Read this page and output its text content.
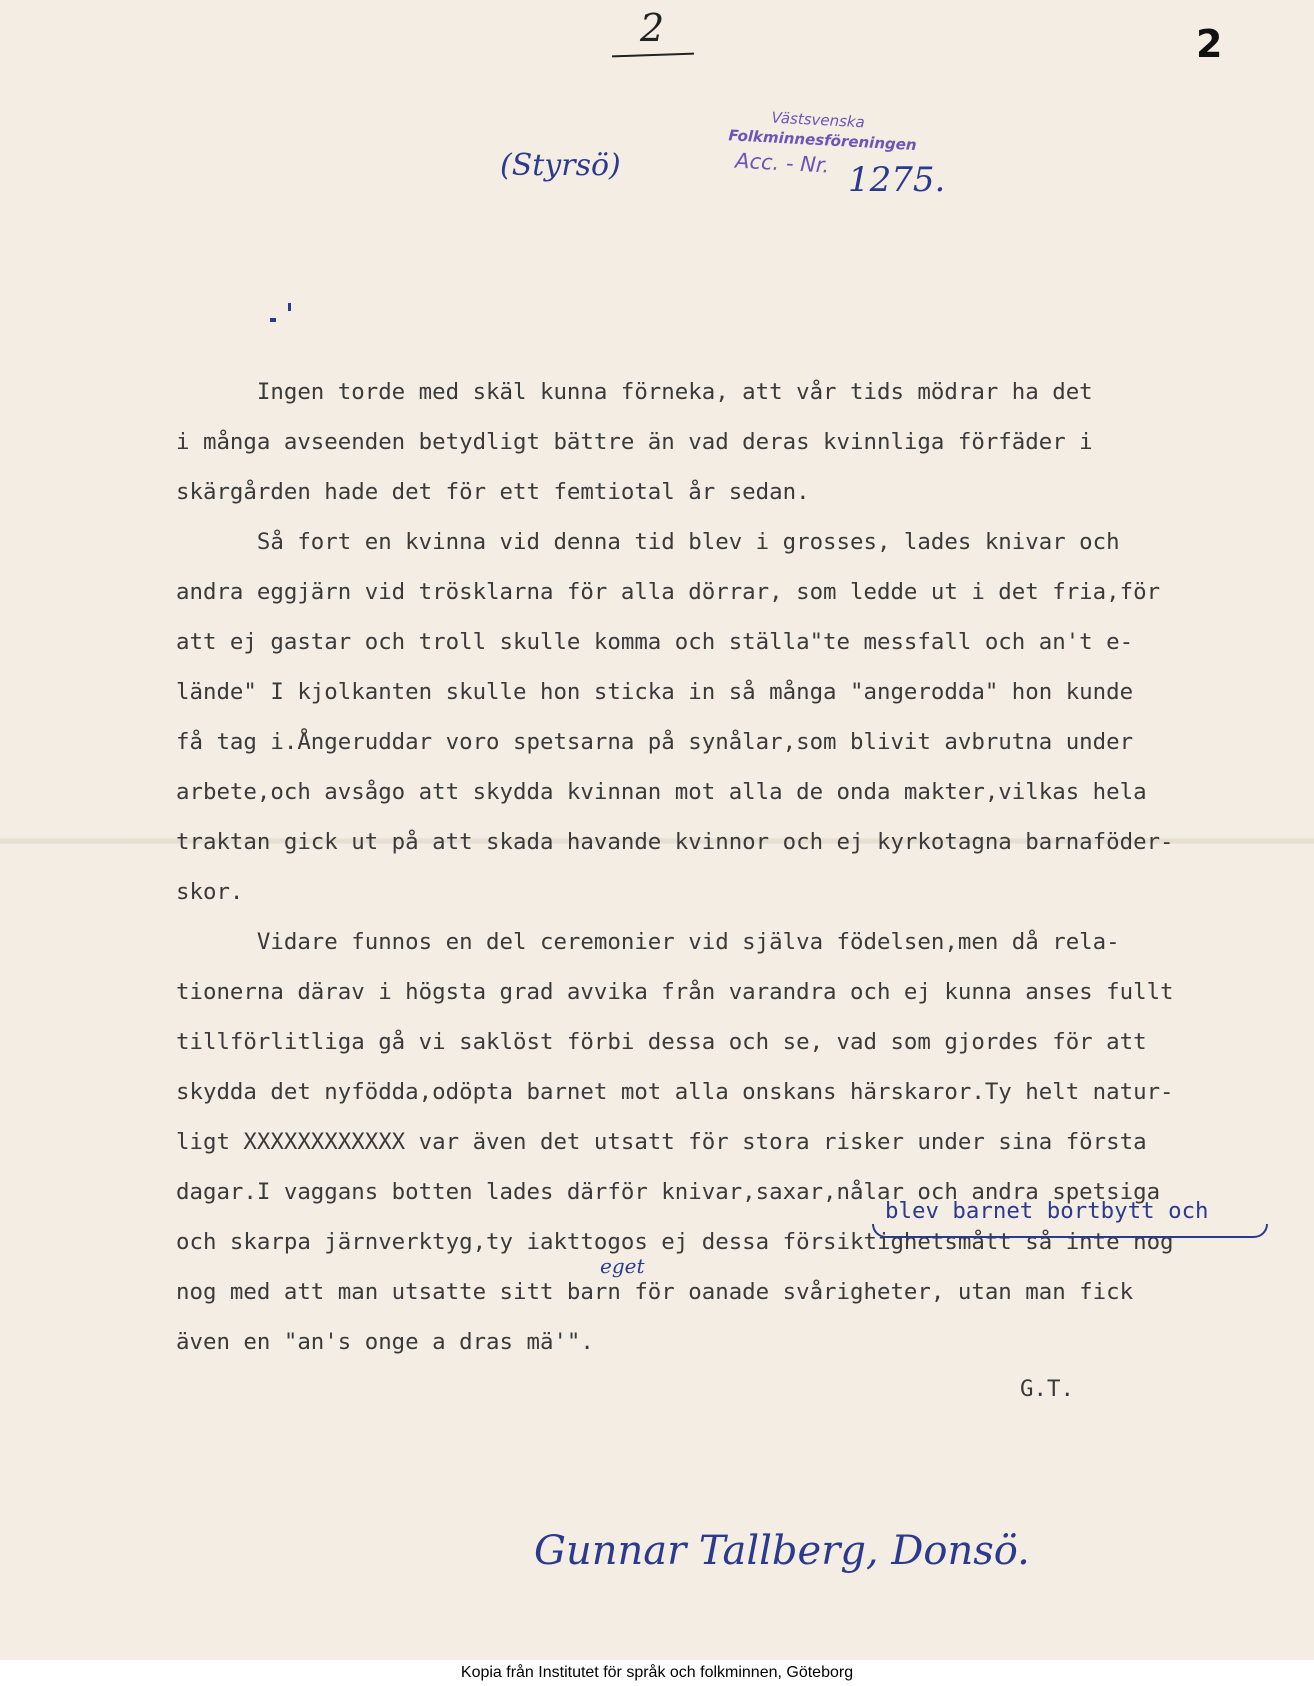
2	2
(Styrsö)
Västsvenska
Folkminnesföreningen
Acc. - Nr. 1275.
Ingen torde med skäl kunna förneka, att vår tids mödrar ha det
i många avseenden betydligt bättre än vad deras kvinnliga förfäder i
skärgården hade det för ett femtiotal år sedan.
Så fort en kvinna vid denna tid blev i grosses, lades knivar och
andra eggjärn vid trösklarna för alla dörrar, som ledde ut i det fria,för
att ej gastar och troll skulle komma och ställa"te messfall och an't e-
lände" I kjolkanten skulle hon sticka in så många "angerodda" hon kunde
få tag i.Ångeruddar voro spetsarna på synålar,som blivit avbrutna under
arbete,och avsågo att skydda kvinnan mot alla de onda makter,vilkas hela
traktan gick ut på att skada havande kvinnor och ej kyrkotagna barnaföder-
skor.
Vidare funnos en del ceremonier vid själva födelsen,men då rela-
tionerna därav i högsta grad avvika från varandra och ej kunna anses fullt
tillförlitliga gå vi saklöst förbi dessa och se, vad som gjordes för att
skydda det nyfödda,odöpta barnet mot alla onskans härskaror.Ty helt natur-
ligt XXXXXXXXXXXX var även det utsatt för stora risker under sina första
dagar.I vaggans botten lades därför knivar,saxar,nålar och andra spetsiga
och skarpa järnverktyg,ty iakttogos ej dessa försiktighetsmått så inte nog
nog med att man utsatte sitt barn för oanade svårigheter, utan man fick
även en "an's onge a dras mä'".
blev barnet bortbytt och
eget
G.T.
Gunnar Tallberg, Donsö.
Kopia från Institutet för språk och folkminnen, Göteborg
